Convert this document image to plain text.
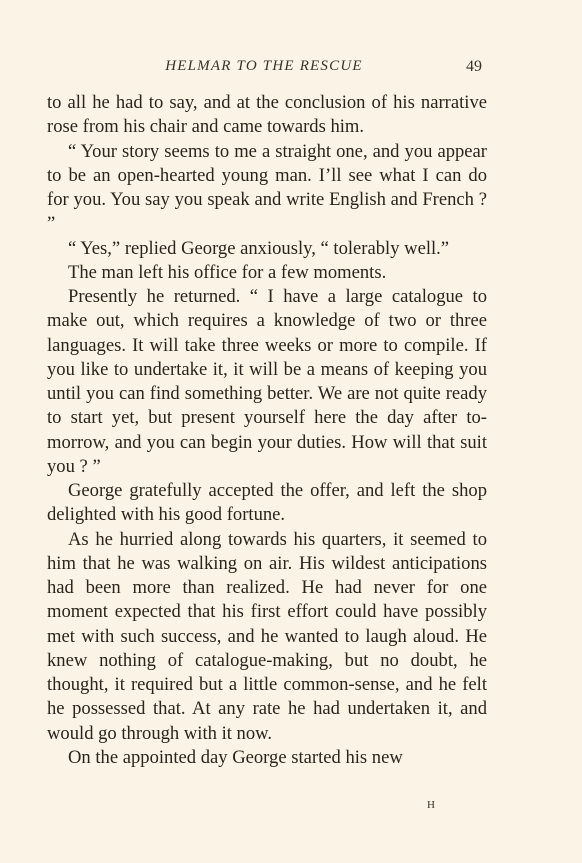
HELMAR TO THE RESCUE	49

to all he had to say, and at the conclusion of his narrative rose from his chair and came towards him.

“ Your story seems to me a straight one, and you appear to be an open-hearted young man. I’ll see what I can do for you. You say you speak and write English and French ? ”

“ Yes,” replied George anxiously, “ tolerably well.”

The man left his office for a few moments.

Presently he returned. “ I have a large catalogue to make out, which requires a knowledge of two or three languages. It will take three weeks or more to compile. If you like to undertake it, it will be a means of keeping you until you can find something better. We are not quite ready to start yet, but present yourself here the day after to-morrow, and you can begin your duties. How will that suit you ? ”

George gratefully accepted the offer, and left the shop delighted with his good fortune.

As he hurried along towards his quarters, it seemed to him that he was walking on air. His wildest anticipations had been more than realized. He had never for one moment expected that his first effort could have possibly met with such success, and he wanted to laugh aloud. He knew nothing of catalogue-making, but no doubt, he thought, it required but a little common-sense, and he felt he possessed that. At any rate he had undertaken it, and would go through with it now.

On the appointed day George started his new

H
